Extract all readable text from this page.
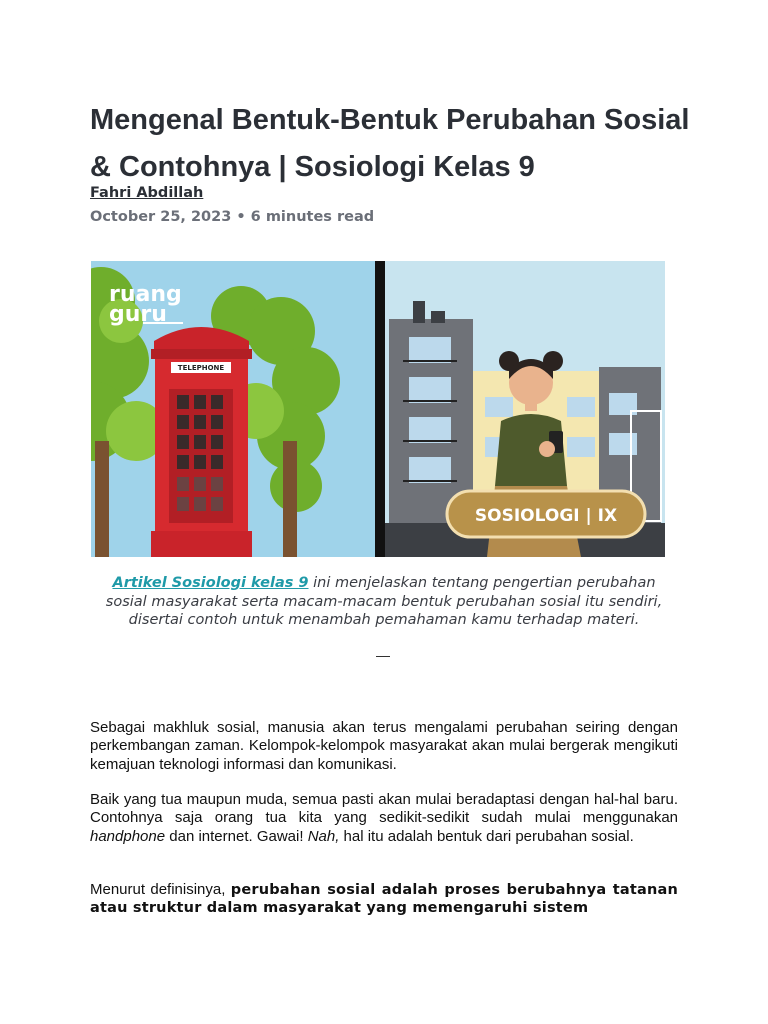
Mengenal Bentuk-Bentuk Perubahan Sosial & Contohnya | Sosiologi Kelas 9
Fahri Abdillah
October 25, 2023 • 6 minutes read
ruang
guru
TELEPHONE
SOSIOLOGI | IX
Artikel Sosiologi kelas 9 ini menjelaskan tentang pengertian perubahan sosial masyarakat serta macam-macam bentuk perubahan sosial itu sendiri, disertai contoh untuk menambah pemahaman kamu terhadap materi.
—

Sebagai makhluk sosial, manusia akan terus mengalami perubahan seiring dengan perkembangan zaman. Kelompok-kelompok masyarakat akan mulai bergerak mengikuti kemajuan teknologi informasi dan komunikasi.

Baik yang tua maupun muda, semua pasti akan mulai beradaptasi dengan hal-hal baru. Contohnya saja orang tua kita yang sedikit-sedikit sudah mulai menggunakan handphone dan internet. Gawai! Nah, hal itu adalah bentuk dari perubahan sosial.

Menurut definisinya, perubahan sosial adalah proses berubahnya tatanan atau struktur dalam masyarakat yang memengaruhi sistem
